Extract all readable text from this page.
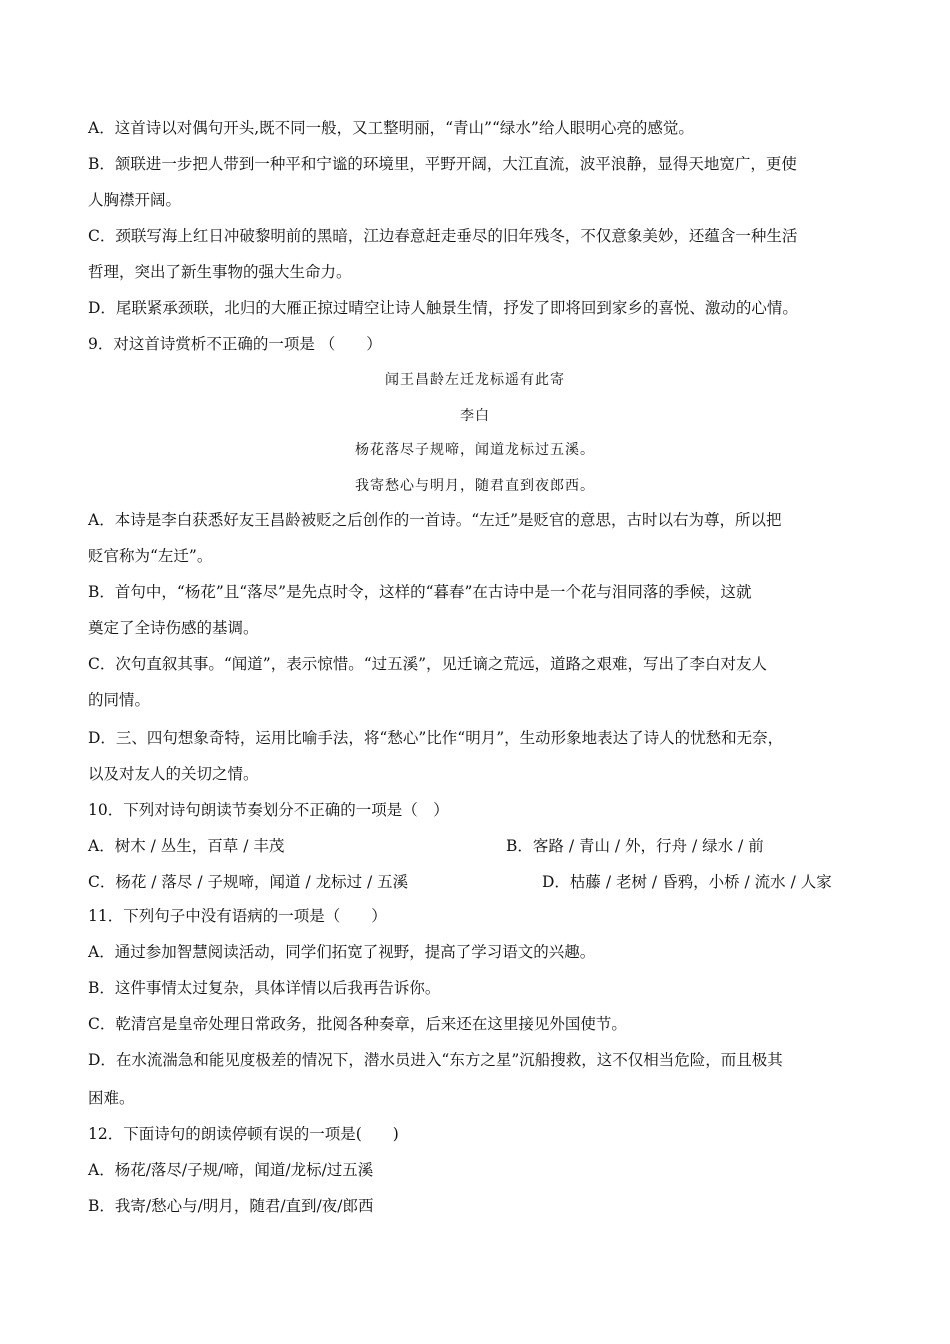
A．这首诗以对偶句开头,既不同一般，又工整明丽，“青山”“绿水”给人眼明心亮的感觉。
B．颔联进一步把人带到一种平和宁谧的环境里，平野开阔，大江直流，波平浪静，显得天地宽广，更使
人胸襟开阔。
C．颈联写海上红日冲破黎明前的黑暗，江边春意赶走垂尽的旧年残冬，不仅意象美妙，还蕴含一种生活
哲理，突出了新生事物的强大生命力。
D．尾联紧承颈联，北归的大雁正掠过晴空让诗人触景生情，抒发了即将回到家乡的喜悦、激动的心情。
9．对这首诗赏析不正确的一项是 （　　）
闻王昌龄左迁龙标遥有此寄
李白
杨花落尽子规啼，闻道龙标过五溪。
我寄愁心与明月，随君直到夜郎西。
A．本诗是李白获悉好友王昌龄被贬之后创作的一首诗。“左迁”是贬官的意思，古时以右为尊，所以把
贬官称为“左迁”。
B．首句中，“杨花”且“落尽”是先点时令，这样的“暮春”在古诗中是一个花与泪同落的季候，这就
奠定了全诗伤感的基调。
C．次句直叙其事。“闻道”，表示惊惜。“过五溪”，见迁谪之荒远，道路之艰难，写出了李白对友人
的同情。
D．三、四句想象奇特，运用比喻手法，将“愁心”比作“明月”，生动形象地表达了诗人的忧愁和无奈，
以及对友人的关切之情。
10．下列对诗句朗读节奏划分不正确的一项是（　）
A．树木 / 丛生，百草 / 丰茂	B．客路 / 青山 / 外，行舟 / 绿水 / 前
C．杨花 / 落尽 / 子规啼，闻道 / 龙标过 / 五溪	D．枯藤 / 老树 / 昏鸦，小桥 / 流水 / 人家
11．下列句子中没有语病的一项是（　　）
A．通过参加智慧阅读活动，同学们拓宽了视野，提高了学习语文的兴趣。
B．这件事情太过复杂，具体详情以后我再告诉你。
C．乾清宫是皇帝处理日常政务，批阅各种奏章，后来还在这里接见外国使节。
D．在水流湍急和能见度极差的情况下，潜水员进入“东方之星”沉船搜救，这不仅相当危险，而且极其
困难。
12．下面诗句的朗读停顿有误的一项是(　　)
A．杨花/落尽/子规/啼，闻道/龙标/过五溪
B．我寄/愁心与/明月，随君/直到/夜/郎西
